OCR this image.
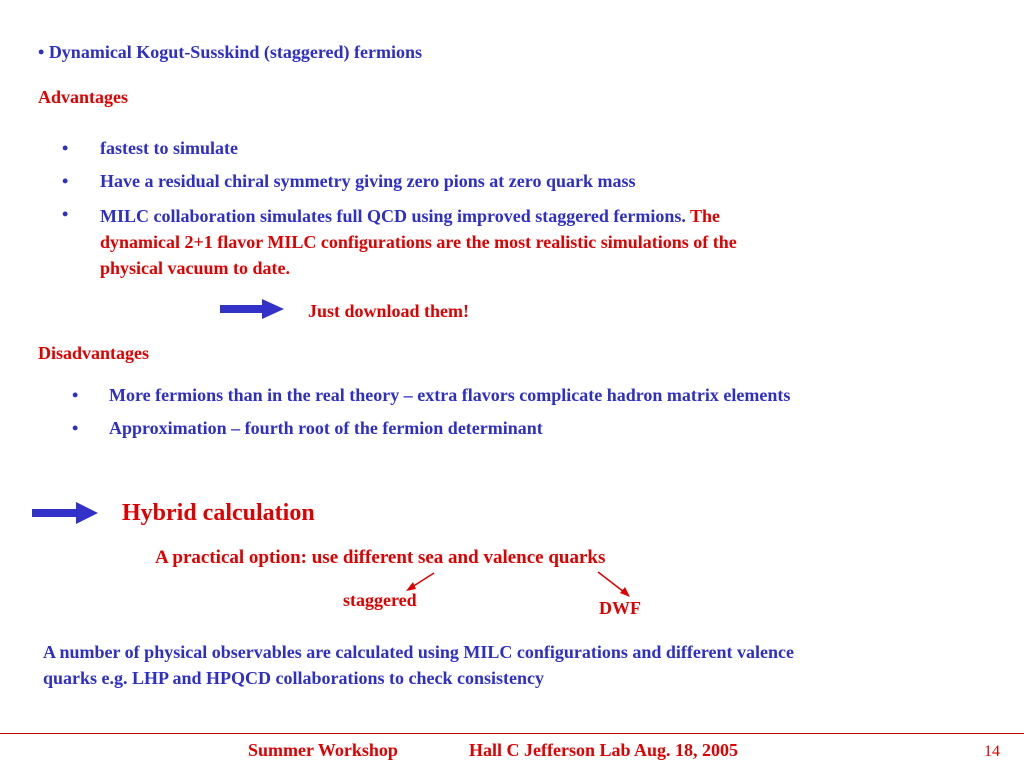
• Dynamical Kogut-Susskind (staggered) fermions
Advantages
• fastest to simulate
• Have a residual chiral symmetry giving zero pions at zero quark mass
• MILC collaboration simulates full QCD using improved staggered fermions. The
dynamical 2+1 flavor MILC configurations are the most realistic simulations of the
physical vacuum to date.
Just download them!
Disadvantages
• More fermions than in the real theory – extra flavors complicate hadron matrix elements
• Approximation – fourth root of the fermion determinant
Hybrid calculation
A practical option: use different sea and valence quarks
staggered	DWF
A number of physical observables are calculated using MILC configurations and different valence
quarks e.g. LHP and HPQCD collaborations to check consistency
Summer Workshop	Hall C Jefferson Lab Aug. 18, 2005	14
